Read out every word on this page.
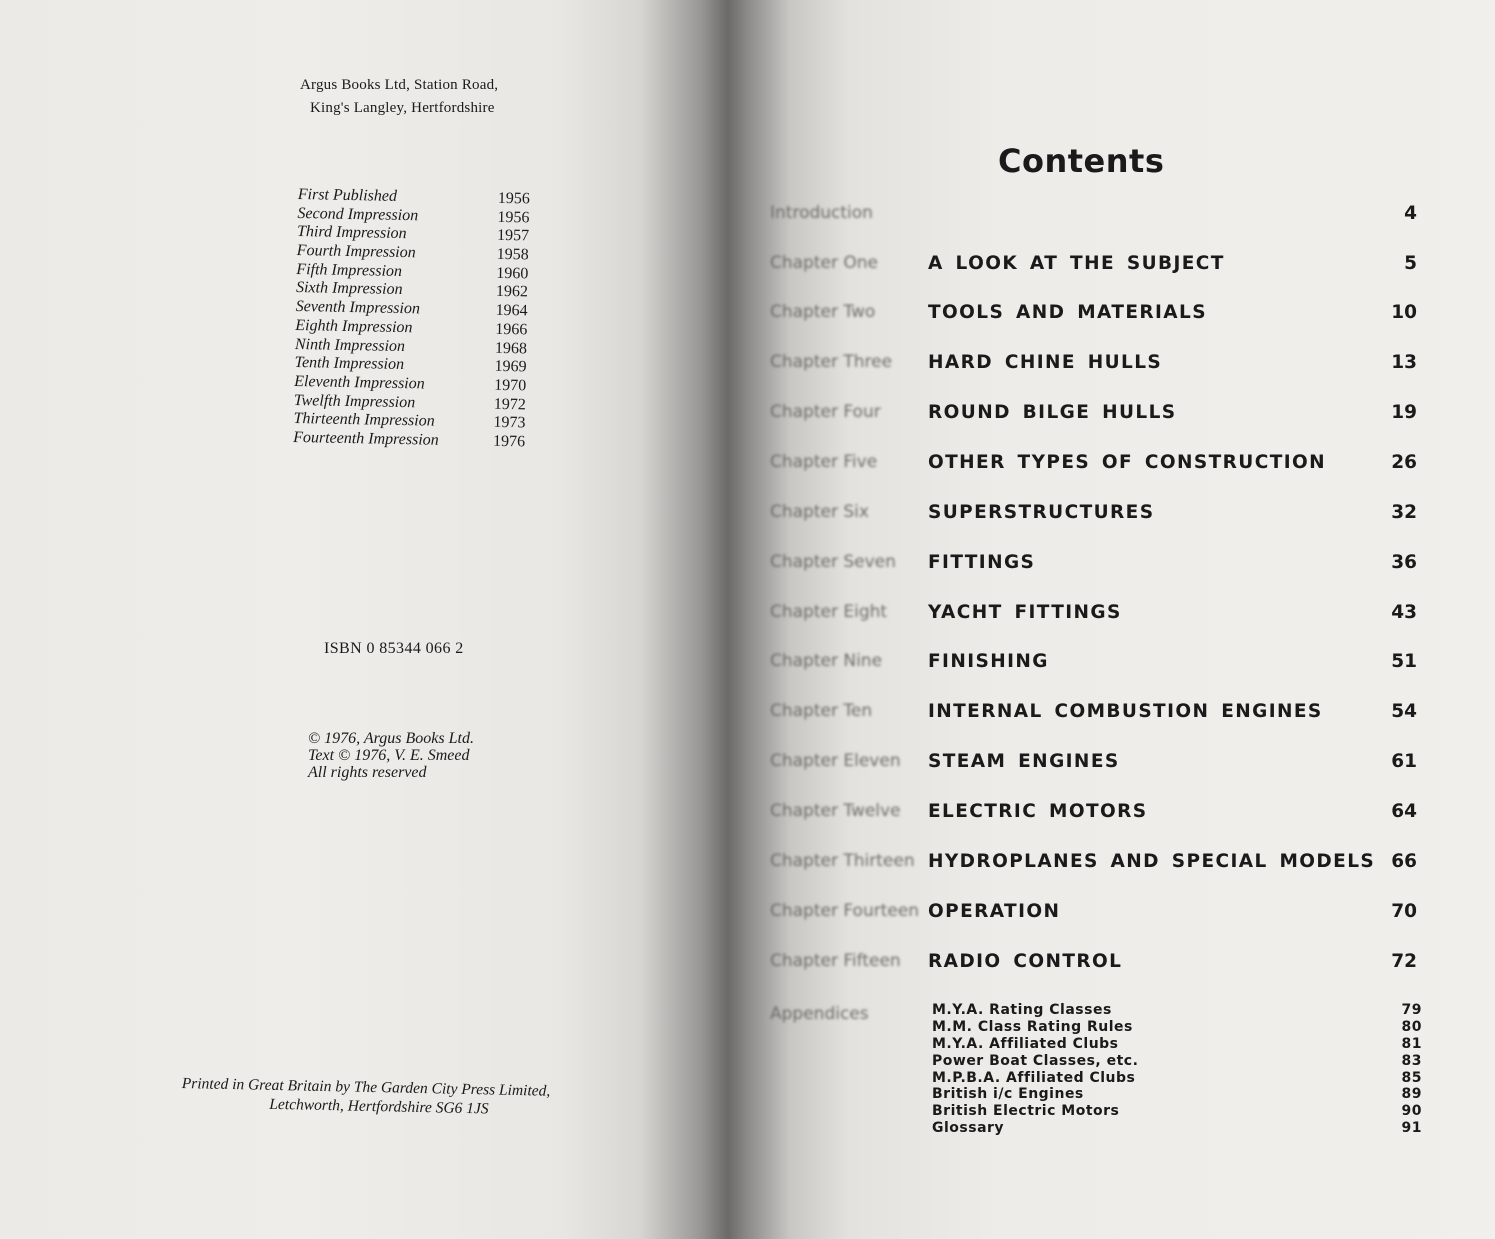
Argus Books Ltd, Station Road,
King's Langley, Hertfordshire
First Published	1956
Second Impression	1956
Third Impression	1957
Fourth Impression	1958
Fifth Impression	1960
Sixth Impression	1962
Seventh Impression	1964
Eighth Impression	1966
Ninth Impression	1968
Tenth Impression	1969
Eleventh Impression	1970
Twelfth Impression	1972
Thirteenth Impression	1973
Fourteenth Impression	1976
ISBN 0 85344 066 2
© 1976, Argus Books Ltd.
Text © 1976, V. E. Smeed
All rights reserved
Printed in Great Britain by The Garden City Press Limited,
Letchworth, Hertfordshire SG6 1JS
Contents
Introduction	4
Chapter One	A LOOK AT THE SUBJECT	5
Chapter Two	TOOLS AND MATERIALS	10
Chapter Three	HARD CHINE HULLS	13
Chapter Four	ROUND BILGE HULLS	19
Chapter Five	OTHER TYPES OF CONSTRUCTION	26
Chapter Six	SUPERSTRUCTURES	32
Chapter Seven	FITTINGS	36
Chapter Eight	YACHT FITTINGS	43
Chapter Nine	FINISHING	51
Chapter Ten	INTERNAL COMBUSTION ENGINES	54
Chapter Eleven	STEAM ENGINES	61
Chapter Twelve	ELECTRIC MOTORS	64
Chapter Thirteen HYDROPLANES AND SPECIAL MODELS 66
Chapter Fourteen OPERATION	70
Chapter Fifteen	RADIO CONTROL	72
Appendices	M.Y.A. Rating Classes	79
M.M. Class Rating Rules	80
M.Y.A. Affiliated Clubs	81
Power Boat Classes, etc.	83
M.P.B.A. Affiliated Clubs	85
British i/c Engines	89
British Electric Motors	90
Glossary	91
